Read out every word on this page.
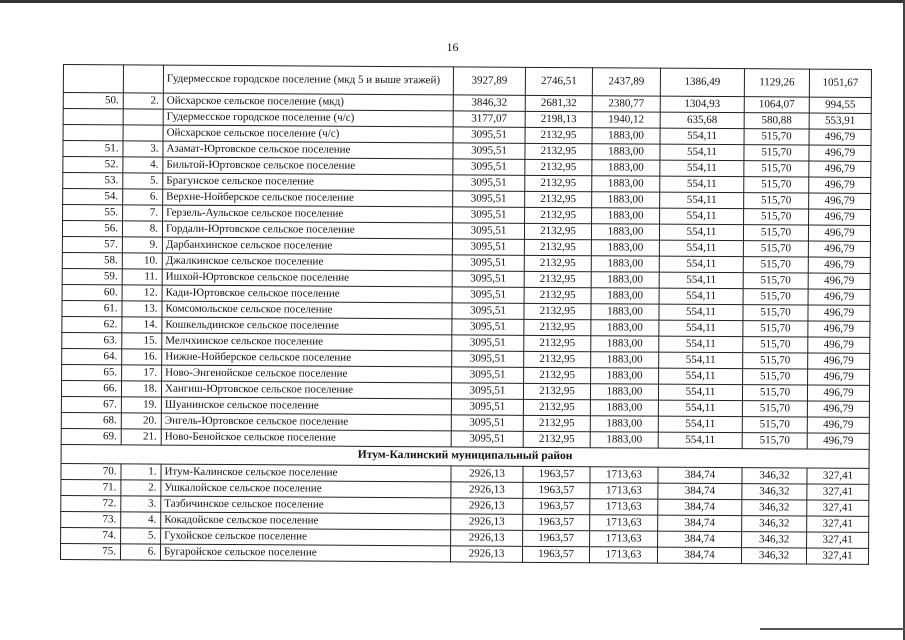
16
		Гудермесское городское поселение (мкд 5 и выше этажей)	3927,89	2746,51	2437,89	1386,49	1129,26	1051,67
50.	2.	Ойсхарское сельское поселение (мкд)	3846,32	2681,32	2380,77	1304,93	1064,07	994,55
		Гудермесское городское поселение (ч/с)	3177,07	2198,13	1940,12	635,68	580,88	553,91
		Ойсхарское сельское поселение (ч/с)	3095,51	2132,95	1883,00	554,11	515,70	496,79
51.	3.	Азамат-Юртовское сельское поселение	3095,51	2132,95	1883,00	554,11	515,70	496,79
52.	4.	Бильтой-Юртовское сельское поселение	3095,51	2132,95	1883,00	554,11	515,70	496,79
53.	5.	Брагунское сельское поселение	3095,51	2132,95	1883,00	554,11	515,70	496,79
54.	6.	Верхне-Нойберское сельское поселение	3095,51	2132,95	1883,00	554,11	515,70	496,79
55.	7.	Герзель-Аульское сельское поселение	3095,51	2132,95	1883,00	554,11	515,70	496,79
56.	8.	Гордали-Юртовское сельское поселение	3095,51	2132,95	1883,00	554,11	515,70	496,79
57.	9.	Дарбанхинское сельское поселение	3095,51	2132,95	1883,00	554,11	515,70	496,79
58.	10.	Джалкинское сельское поселение	3095,51	2132,95	1883,00	554,11	515,70	496,79
59.	11.	Ишхой-Юртовское сельское поселение	3095,51	2132,95	1883,00	554,11	515,70	496,79
60.	12.	Кади-Юртовское сельское поселение	3095,51	2132,95	1883,00	554,11	515,70	496,79
61.	13.	Комсомольское сельское поселение	3095,51	2132,95	1883,00	554,11	515,70	496,79
62.	14.	Кошкельдинское сельское поселение	3095,51	2132,95	1883,00	554,11	515,70	496,79
63.	15.	Мелчхинское сельское поселение	3095,51	2132,95	1883,00	554,11	515,70	496,79
64.	16.	Нижне-Нойберское сельское поселение	3095,51	2132,95	1883,00	554,11	515,70	496,79
65.	17.	Ново-Энгенойское сельское поселение	3095,51	2132,95	1883,00	554,11	515,70	496,79
66.	18.	Хангиш-Юртовское сельское поселение	3095,51	2132,95	1883,00	554,11	515,70	496,79
67.	19.	Шуанинское сельское поселение	3095,51	2132,95	1883,00	554,11	515,70	496,79
68.	20.	Энгель-Юртовское сельское поселение	3095,51	2132,95	1883,00	554,11	515,70	496,79
69.	21.	Ново-Бенойское сельское поселение	3095,51	2132,95	1883,00	554,11	515,70	496,79
Итум-Калинский муниципальный район								
70.	1.	Итум-Калинское сельское поселение	2926,13	1963,57	1713,63	384,74	346,32	327,41
71.	2.	Ушкалойское сельское поселение	2926,13	1963,57	1713,63	384,74	346,32	327,41
72.	3.	Тазбичинское сельское поселение	2926,13	1963,57	1713,63	384,74	346,32	327,41
73.	4.	Кокадойское сельское поселение	2926,13	1963,57	1713,63	384,74	346,32	327,41
74.	5.	Гухойское сельское поселение	2926,13	1963,57	1713,63	384,74	346,32	327,41
75.	6.	Бугаройское сельское поселение	2926,13	1963,57	1713,63	384,74	346,32	327,41
